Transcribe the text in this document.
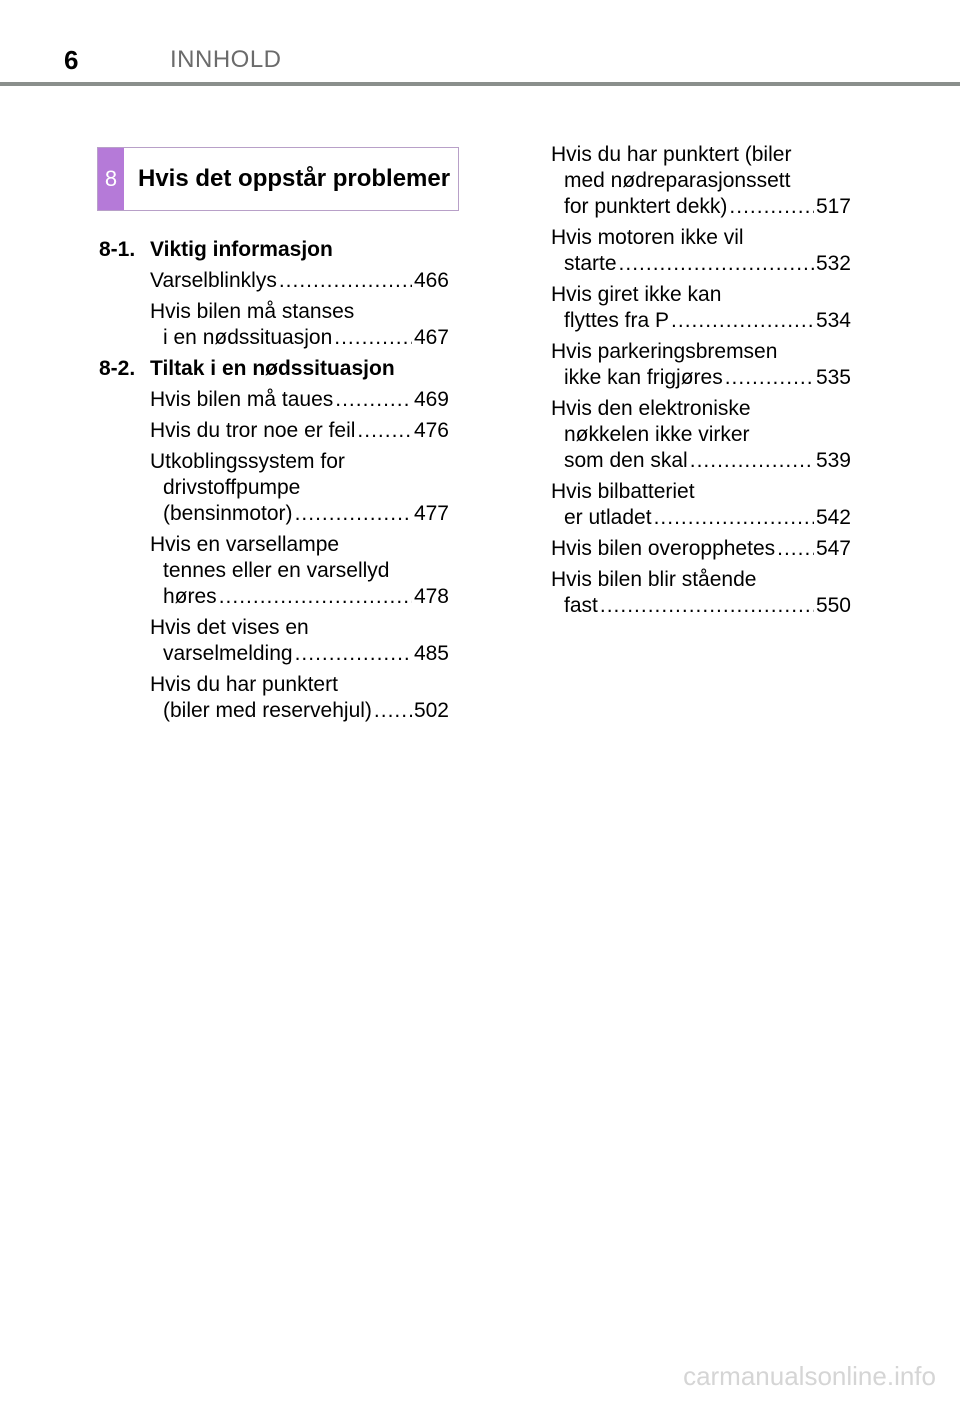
6	INNHOLD
8 Hvis det oppstår problemer
8-1. Viktig informasjon
Varselblinklys .....	466
Hvis bilen må stanses
i en nødssituasjon .....	467
8-2. Tiltak i en nødssituasjon
Hvis bilen må taues .....	469
Hvis du tror noe er feil .....	476
Utkoblingssystem for
drivstoffpumpe
(bensinmotor) .....	477
Hvis en varsellampe
tennes eller en varsellyd
høres .....	478
Hvis det vises en
varselmelding .....	485
Hvis du har punktert
(biler med reservehjul) ..... 502
Hvis du har punktert (biler
med nødreparasjonssett
for punktert dekk) .....	517
Hvis motoren ikke vil
starte .....	532
Hvis giret ikke kan
flyttes fra P .....	534
Hvis parkeringsbremsen
ikke kan frigjøres .....	535
Hvis den elektroniske
nøkkelen ikke virker
som den skal .....	539
Hvis bilbatteriet
er utladet .....	542
Hvis bilen overopphetes ..... 547
Hvis bilen blir stående
fast .....	550
carmanualsonline.info
